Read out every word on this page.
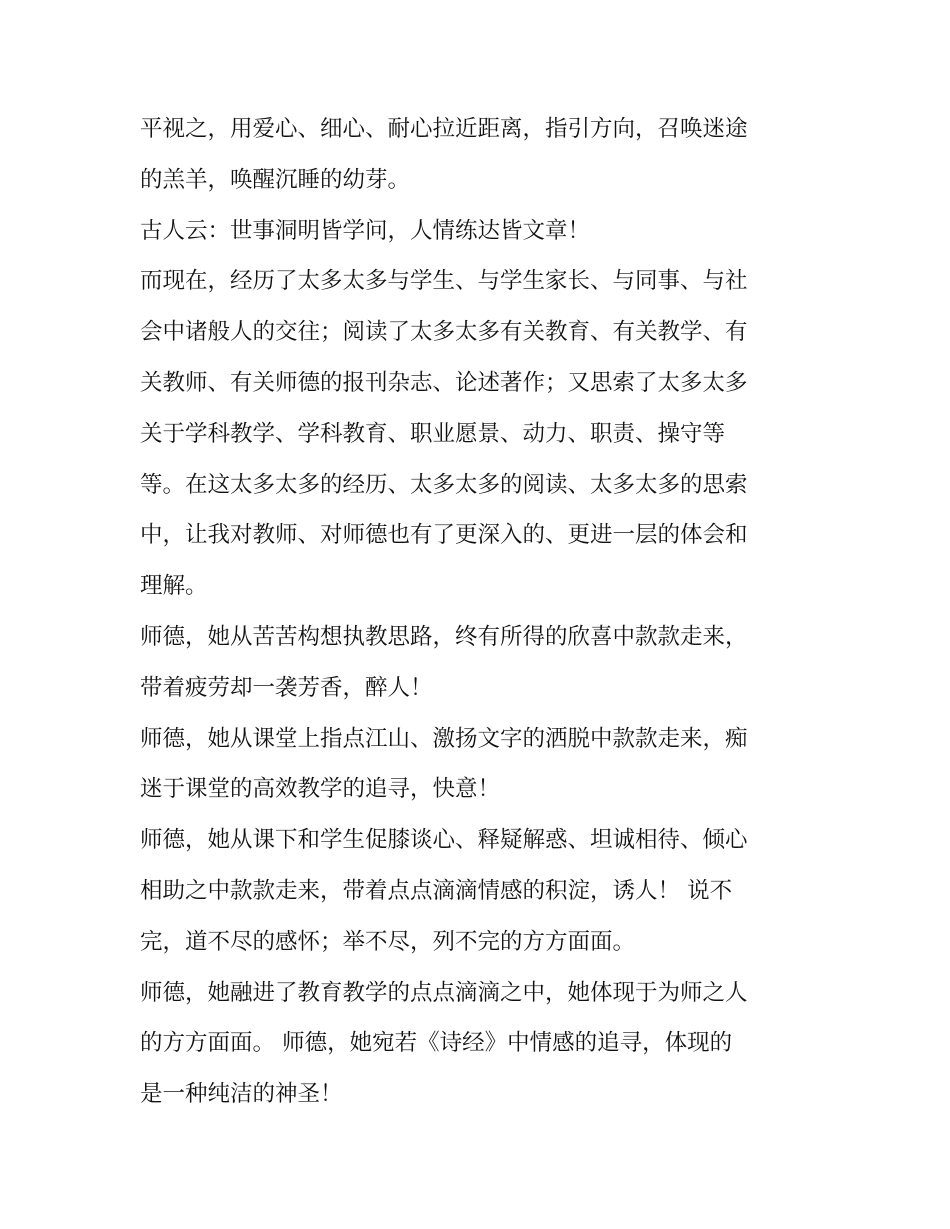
平视之，用爱心、细心、耐心拉近距离，指引方向，召唤迷途
的羔羊，唤醒沉睡的幼芽。
古人云：世事洞明皆学问，人情练达皆文章！
而现在，经历了太多太多与学生、与学生家长、与同事、与社
会中诸般人的交往；阅读了太多太多有关教育、有关教学、有
关教师、有关师德的报刊杂志、论述著作；又思索了太多太多
关于学科教学、学科教育、职业愿景、动力、职责、操守等
等。在这太多太多的经历、太多太多的阅读、太多太多的思索
中，让我对教师、对师德也有了更深入的、更进一层的体会和
理解。
师德，她从苦苦构想执教思路，终有所得的欣喜中款款走来，
带着疲劳却一袭芳香，醉人！
师德，她从课堂上指点江山、激扬文字的洒脱中款款走来，痴
迷于课堂的高效教学的追寻，快意！
师德，她从课下和学生促膝谈心、释疑解惑、坦诚相待、倾心
相助之中款款走来，带着点点滴滴情感的积淀，诱人！ 说不
完，道不尽的感怀；举不尽，列不完的方方面面。
师德，她融进了教育教学的点点滴滴之中，她体现于为师之人
的方方面面。 师德，她宛若《诗经》中情感的追寻，体现的
是一种纯洁的神圣！
